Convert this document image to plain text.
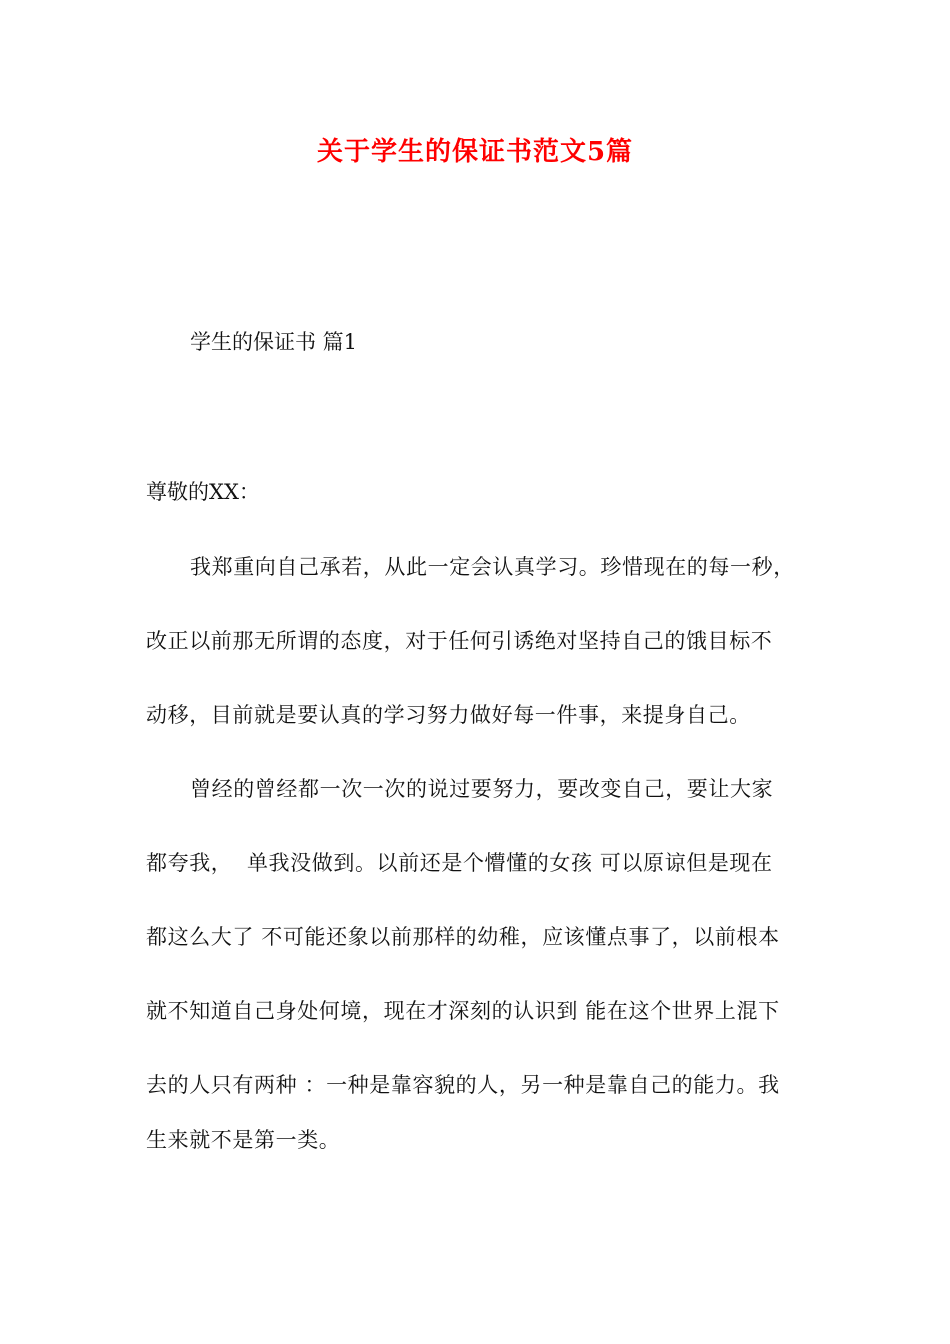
关于学生的保证书范文5篇
学生的保证书 篇1
尊敬的XX：
我郑重向自己承若，从此一定会认真学习。珍惜现在的每一秒，
改正以前那无所谓的态度，对于任何引诱绝对坚持自己的饿目标不
动移，目前就是要认真的学习努力做好每一件事，来提身自己。
曾经的曾经都一次一次的说过要努力，要改变自己，要让大家
都夸我，  单我没做到。以前还是个懵懂的女孩 可以原谅但是现在
都这么大了 不可能还象以前那样的幼稚，应该懂点事了，以前根本
就不知道自己身处何境，现在才深刻的认识到 能在这个世界上混下
去的人只有两种 ：一种是靠容貌的人，另一种是靠自己的能力。我
生来就不是第一类。
